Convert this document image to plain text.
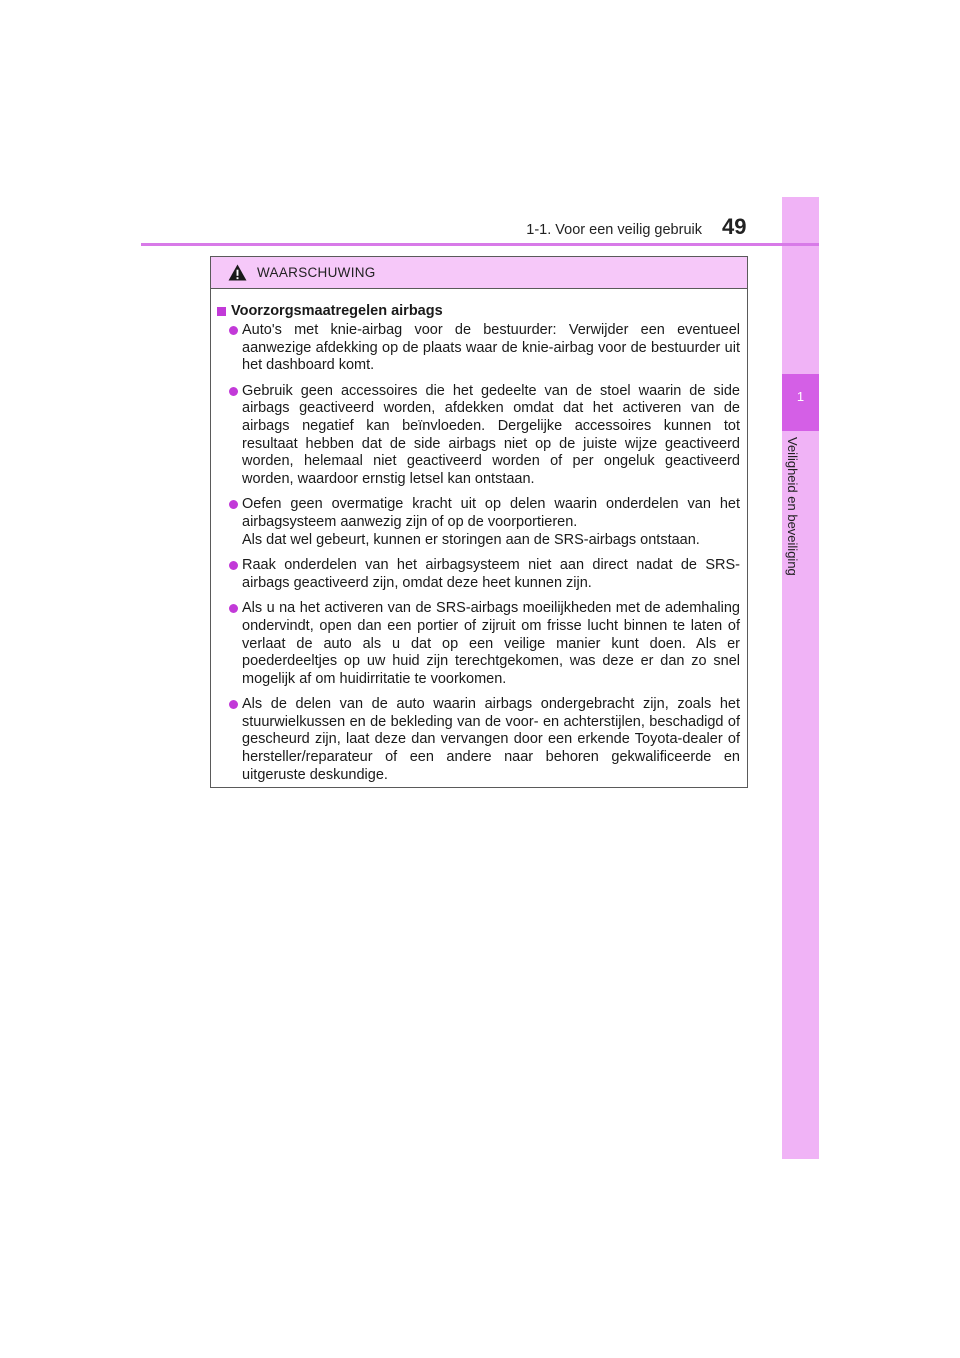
1
Veiligheid en beveiliging
1-1. Voor een veilig gebruik 49
WAARSCHUWING
Voorzorgsmaatregelen airbags
Auto's met knie-airbag voor de bestuurder: Verwijder een eventueel aanwezige afdekking op de plaats waar de knie-airbag voor de bestuurder uit het dashboard komt.
Gebruik geen accessoires die het gedeelte van de stoel waarin de side airbags geactiveerd worden, afdekken omdat dat het activeren van de airbags negatief kan beïnvloeden. Dergelijke accessoires kunnen tot resultaat hebben dat de side airbags niet op de juiste wijze geactiveerd worden, helemaal niet geactiveerd worden of per ongeluk geactiveerd worden, waardoor ernstig letsel kan ontstaan.
Oefen geen overmatige kracht uit op delen waarin onderdelen van het airbagsysteem aanwezig zijn of op de voorportieren.
Als dat wel gebeurt, kunnen er storingen aan de SRS-airbags ontstaan.
Raak onderdelen van het airbagsysteem niet aan direct nadat de SRS-airbags geactiveerd zijn, omdat deze heet kunnen zijn.
Als u na het activeren van de SRS-airbags moeilijkheden met de ademhaling ondervindt, open dan een portier of zijruit om frisse lucht binnen te laten of verlaat de auto als u dat op een veilige manier kunt doen. Als er poederdeeltjes op uw huid zijn terechtgekomen, was deze er dan zo snel mogelijk af om huidirritatie te voorkomen.
Als de delen van de auto waarin airbags ondergebracht zijn, zoals het stuurwielkussen en de bekleding van de voor- en achterstijlen, beschadigd of gescheurd zijn, laat deze dan vervangen door een erkende Toyota-dealer of hersteller/reparateur of een andere naar behoren gekwalificeerde en uitgeruste deskundige.
